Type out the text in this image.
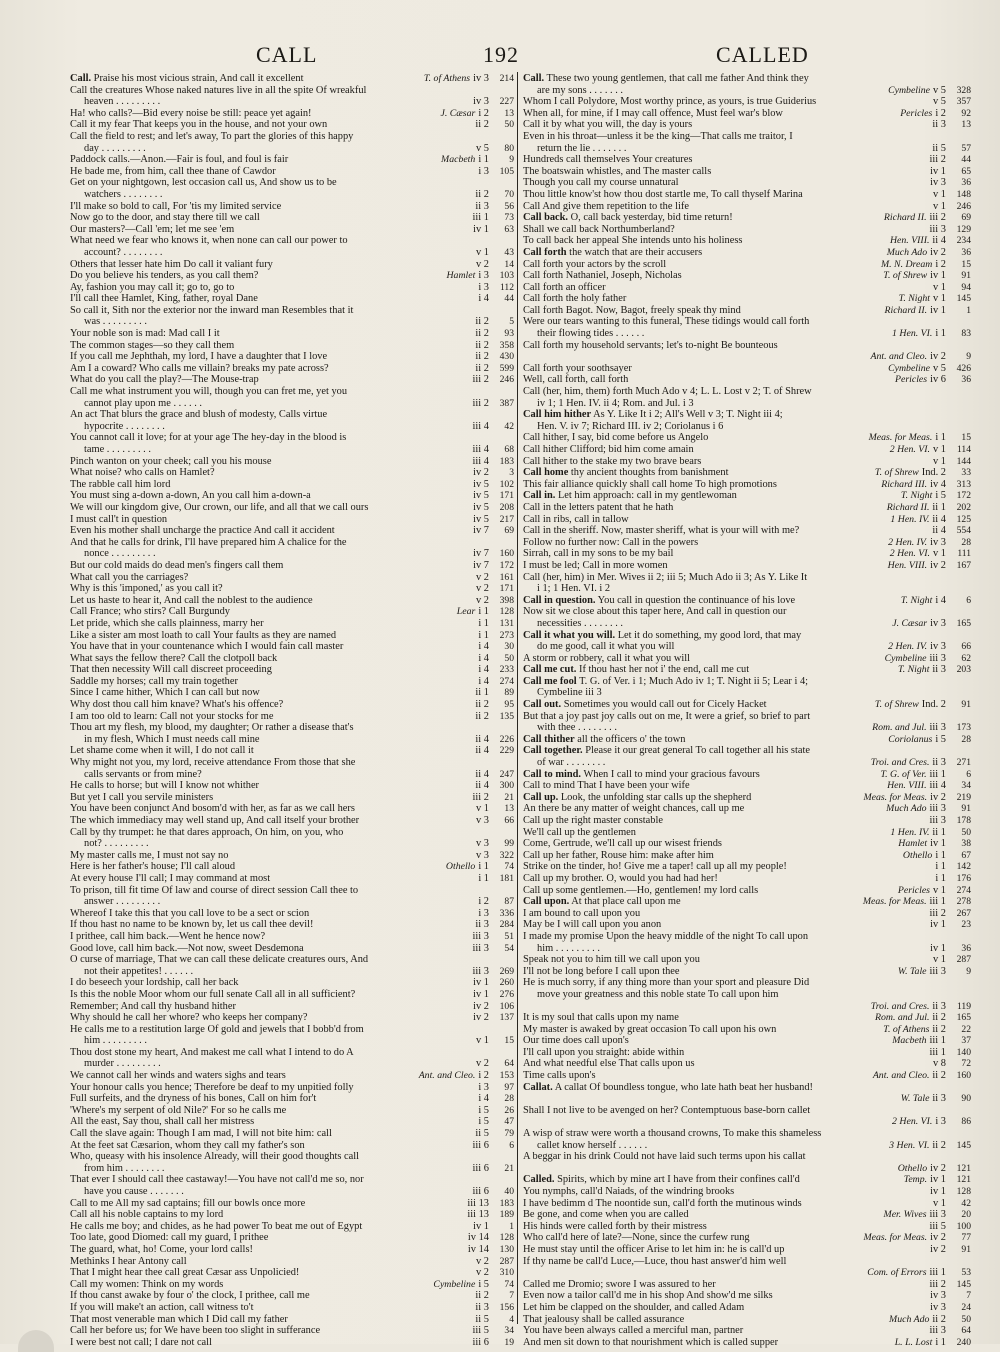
CALL	192	CALLED
Call. Praise his most vicious strain, And call it excellent	T. of Athens iv 3	214
Call the creatures Whose naked natures live in all the spite Of wreakful
heaven . . . . . . . . .	iv 3	227
Ha! who calls?—Bid every noise be still: peace yet again!	J. Cæsar i 2	13
Call it my fear That keeps you in the house, and not your own	ii 2	50
Call the field to rest; and let's away, To part the glories of this happy
day . . . . . . . . .	v 5	80
Paddock calls.—Anon.—Fair is foul, and foul is fair	Macbeth i 1	9
He bade me, from him, call thee thane of Cawdor	i 3	105
Get on your nightgown, lest occasion call us, And show us to be
watchers . . . . . . . .	ii 2	70
I'll make so bold to call, For 'tis my limited service	ii 3	56
Now go to the door, and stay there till we call	iii 1	73
Our masters?—Call 'em; let me see 'em	iv 1	63
What need we fear who knows it, when none can call our power to
account? . . . . . . . .	v 1	43
Others that lesser hate him Do call it valiant fury	v 2	14
Do you believe his tenders, as you call them?	Hamlet i 3	103
Ay, fashion you may call it; go to, go to	i 3	112
I'll call thee Hamlet, King, father, royal Dane	i 4	44
So call it, Sith nor the exterior nor the inward man Resembles that it
was . . . . . . . . .	ii 2	5
Your noble son is mad: Mad call I it	ii 2	93
The common stages—so they call them	ii 2	358
If you call me Jephthah, my lord, I have a daughter that I love	ii 2	430
Am I a coward? Who calls me villain? breaks my pate across?	ii 2	599
What do you call the play?—The Mouse-trap	iii 2	246
Call me what instrument you will, though you can fret me, yet you
cannot play upon me . . . . . .	iii 2	387
An act That blurs the grace and blush of modesty, Calls virtue
hypocrite . . . . . . . .	iii 4	42
You cannot call it love; for at your age The hey-day in the blood is
tame . . . . . . . . .	iii 4	68
Pinch wanton on your cheek; call you his mouse	iii 4	183
What noise? who calls on Hamlet?	iv 2	3
The rabble call him lord	iv 5	102
You must sing a-down a-down, An you call him a-down-a	iv 5	171
We will our kingdom give, Our crown, our life, and all that we call ours	iv 5	208
I must call't in question	iv 5	217
Even his mother shall uncharge the practice And call it accident	iv 7	69
And that he calls for drink, I'll have prepared him A chalice for the
nonce . . . . . . . . .	iv 7	160
But our cold maids do dead men's fingers call them	iv 7	172
What call you the carriages?	v 2	161
Why is this 'imponed,' as you call it?	v 2	171
Let us haste to hear it, And call the noblest to the audience	v 2	398
Call France; who stirs? Call Burgundy	Lear i 1	128
Let pride, which she calls plainness, marry her	i 1	131
Like a sister am most loath to call Your faults as they are named	i 1	273
You have that in your countenance which I would fain call master	i 4	30
What says the fellow there? Call the clotpoll back	i 4	50
That then necessity Will call discreet proceeding	i 4	233
Saddle my horses; call my train together	i 4	274
Since I came hither, Which I can call but now	ii 1	89
Why dost thou call him knave? What's his offence?	ii 2	95
I am too old to learn: Call not your stocks for me	ii 2	135
Thou art my flesh, my blood, my daughter; Or rather a disease that's
in my flesh, Which I must needs call mine	ii 4	226
Let shame come when it will, I do not call it	ii 4	229
Why might not you, my lord, receive attendance From those that she
calls servants or from mine?	ii 4	247
He calls to horse; but will I know not whither	ii 4	300
But yet I call you servile ministers	iii 2	21
You have been conjunct And bosom'd with her, as far as we call hers	v 1	13
The which immediacy may well stand up, And call itself your brother	v 3	66
Call by thy trumpet: he that dares approach, On him, on you, who
not? . . . . . . . . .	v 3	99
My master calls me, I must not say no	v 3	322
Here is her father's house; I'll call aloud	Othello i 1	74
At every house I'll call; I may command at most	i 1	181
To prison, till fit time Of law and course of direct session Call thee to
answer . . . . . . . . .	i 2	87
Whereof I take this that you call love to be a sect or scion	i 3	336
If thou hast no name to be known by, let us call thee devil!	ii 3	284
I prithee, call him back.—Went he hence now?	iii 3	51
Good love, call him back.—Not now, sweet Desdemona	iii 3	54
O curse of marriage, That we can call these delicate creatures ours, And
not their appetites! . . . . . .	iii 3	269
I do beseech your lordship, call her back	iv 1	260
Is this the noble Moor whom our full senate Call all in all sufficient?	iv 1	276
Remember; And call thy husband hither	iv 2	106
Why should he call her whore? who keeps her company?	iv 2	137
He calls me to a restitution large Of gold and jewels that I bobb'd from
him . . . . . . . . .	v 1	15
Thou dost stone my heart, And makest me call what I intend to do A
murder . . . . . . . . .	v 2	64
We cannot call her winds and waters sighs and tears	Ant. and Cleo. i 2	153
Your honour calls you hence; Therefore be deaf to my unpitied folly	i 3	97
Full surfeits, and the dryness of his bones, Call on him for't	i 4	28
'Where's my serpent of old Nile?' For so he calls me	i 5	26
All the east, Say thou, shall call her mistress	i 5	47
Call the slave again: Though I am mad, I will not bite him: call	ii 5	79
At the feet sat Cæsarion, whom they call my father's son	iii 6	6
Who, queasy with his insolence Already, will their good thoughts call
from him . . . . . . . .	iii 6	21
That ever I should call thee castaway!—You have not call'd me so, nor
have you cause . . . . . . .	iii 6	40
Call to me All my sad captains; fill our bowls once more	iii 13	183
Call all his noble captains to my lord	iii 13	189
He calls me boy; and chides, as he had power To beat me out of Egypt	iv 1	1
Too late, good Diomed: call my guard, I prithee	iv 14	128
The guard, what, ho! Come, your lord calls!	iv 14	130
Methinks I hear Antony call	v 2	287
That I might hear thee call great Cæsar ass Unpolicied!	v 2	310
Call my women: Think on my words	Cymbeline i 5	74
If thou canst awake by four o' the clock, I prithee, call me	ii 2	7
If you will make't an action, call witness to't	ii 3	156
That most venerable man which I Did call my father	ii 5	4
Call her before us; for We have been too slight in sufferance	iii 5	34
I were best not call; I dare not call	iii 6	19
Call. These two young gentlemen, that call me father And think they
are my sons . . . . . . .	Cymbeline v 5	328
Whom I call Polydore, Most worthy prince, as yours, is true Guiderius	v 5	357
When all, for mine, if I may call offence, Must feel war's blow	Pericles i 2	92
Call it by what you will, the day is yours	ii 3	13
Even in his throat—unless it be the king—That calls me traitor, I
return the lie . . . . . . .	ii 5	57
Hundreds call themselves Your creatures	iii 2	44
The boatswain whistles, and The master calls	iv 1	65
Though you call my course unnatural	iv 3	36
Thou little know'st how thou dost startle me, To call thyself Marina	v 1	148
Call And give them repetition to the life	v 1	246
Call back. O, call back yesterday, bid time return!	Richard II. iii 2	69
Shall we call back Northumberland?	iii 3	129
To call back her appeal She intends unto his holiness	Hen. VIII. ii 4	234
Call forth the watch that are their accusers	Much Ado iv 2	36
Call forth your actors by the scroll	M. N. Dream i 2	15
Call forth Nathaniel, Joseph, Nicholas	T. of Shrew iv 1	91
Call forth an officer	v 1	94
Call forth the holy father	T. Night v 1	145
Call forth Bagot. Now, Bagot, freely speak thy mind	Richard II. iv 1	1
Were our tears wanting to this funeral, These tidings would call forth
their flowing tides . . . . . .	1 Hen. VI. i 1	83
Call forth my household servants; let's to-night Be bounteous
Ant. and Cleo. iv 2	9
Call forth your soothsayer	Cymbeline v 5	426
Well, call forth, call forth	Pericles iv 6	36
Call (her, him, them) forth Much Ado v 4; L. L. Lost v 2; T. of Shrew
iv 1; 1 Hen. IV. ii 4; Rom. and Jul. i 3
Call him hither As Y. Like It i 2; All's Well v 3; T. Night iii 4;
Hen. V. iv 7; Richard III. iv 2; Coriolanus i 6
Call hither, I say, bid come before us Angelo	Meas. for Meas. i 1	15
Call hither Clifford; bid him come amain	2 Hen. VI. v 1	114
Call hither to the stake my two brave bears	v 1	144
Call home thy ancient thoughts from banishment	T. of Shrew Ind. 2	33
This fair alliance quickly shall call home To high promotions	Richard III. iv 4	313
Call in. Let him approach: call in my gentlewoman	T. Night i 5	172
Call in the letters patent that he hath	Richard II. ii 1	202
Call in ribs, call in tallow	1 Hen. IV. ii 4	125
Call in the sheriff. Now, master sheriff, what is your will with me?	ii 4	554
Follow no further now: Call in the powers	2 Hen. IV. iv 3	28
Sirrah, call in my sons to be my bail	2 Hen. VI. v 1	111
I must be led; Call in more women	Hen. VIII. iv 2	167
Call (her, him) in Mer. Wives ii 2; iii 5; Much Ado ii 3; As Y. Like It
i 1; 1 Hen. VI. i 2
Call in question. You call in question the continuance of his love	T. Night i 4	6
Now sit we close about this taper here, And call in question our
necessities . . . . . . . .	J. Cæsar iv 3	165
Call it what you will. Let it do something, my good lord, that may
do me good, call it what you will	2 Hen. IV. iv 3	66
A storm or robbery, call it what you will	Cymbeline iii 3	62
Call me cut. If thou hast her not i' the end, call me cut	T. Night ii 3	203
Call me fool T. G. of Ver. i 1; Much Ado iv 1; T. Night ii 5; Lear i 4;
Cymbeline iii 3
Call out. Sometimes you would call out for Cicely Hacket	T. of Shrew Ind. 2	91
But that a joy past joy calls out on me, It were a grief, so brief to part
with thee . . . . . . . .	Rom. and Jul. iii 3	173
Call thither all the officers o' the town	Coriolanus i 5	28
Call together. Please it our great general To call together all his state
of war . . . . . . . .	Troi. and Cres. ii 3	271
Call to mind. When I call to mind your gracious favours	T. G. of Ver. iii 1	6
Call to mind That I have been your wife	Hen. VIII. iii 4	34
Call up. Look, the unfolding star calls up the shepherd	Meas. for Meas. iv 2	219
An there be any matter of weight chances, call up me	Much Ado iii 3	91
Call up the right master constable	iii 3	178
We'll call up the gentlemen	1 Hen. IV. ii 1	50
Come, Gertrude, we'll call up our wisest friends	Hamlet iv 1	38
Call up her father, Rouse him: make after him	Othello i 1	67
Strike on the tinder, ho! Give me a taper! call up all my people!	i 1	142
Call up my brother. O, would you had had her!	i 1	176
Call up some gentlemen.—Ho, gentlemen! my lord calls	Pericles v 1	274
Call upon. At that place call upon me	Meas. for Meas. iii 1	278
I am bound to call upon you	iii 2	267
May be I will call upon you anon	iv 1	23
I made my promise Upon the heavy middle of the night To call upon
him . . . . . . . . .	iv 1	36
Speak not you to him till we call upon you	v 1	287
I'll not be long before I call upon thee	W. Tale iii 3	9
He is much sorry, if any thing more than your sport and pleasure Did
move your greatness and this noble state To call upon him
Troi. and Cres. ii 3	119
It is my soul that calls upon my name	Rom. and Jul. ii 2	165
My master is awaked by great occasion To call upon his own	T. of Athens ii 2	22
Our time does call upon's	Macbeth iii 1	37
I'll call upon you straight: abide within	iii 1	140
And what needful else That calls upon us	v 8	72
Time calls upon's	Ant. and Cleo. ii 2	160
Callat. A callat Of boundless tongue, who late hath beat her husband!
W. Tale ii 3	90
Shall I not live to be avenged on her? Contemptuous base-born callet
2 Hen. VI. i 3	86
A wisp of straw were worth a thousand crowns, To make this shameless
callet know herself . . . . . .	3 Hen. VI. ii 2	145
A beggar in his drink Could not have laid such terms upon his callat
Othello iv 2	121
Called. Spirits, which by mine art I have from their confines call'd	Temp. iv 1	121
You nymphs, call'd Naiads, of the windring brooks	iv 1	128
I have bedimm d The noontide sun, call'd forth the mutinous winds	v 1	42
Be gone, and come when you are called	Mer. Wives iii 3	20
His hinds were called forth by their mistress	iii 5	100
Who call'd here of late?—None, since the curfew rung	Meas. for Meas. iv 2	77
He must stay until the officer Arise to let him in: he is call'd up	iv 2	91
If thy name be call'd Luce,—Luce, thou hast answer'd him well
Com. of Errors iii 1	53
Called me Dromio; swore I was assured to her	iii 2	145
Even now a tailor call'd me in his shop And show'd me silks	iv 3	7
Let him be clapped on the shoulder, and called Adam	iv 3	24
That jealousy shall be called assurance	Much Ado ii 2	50
You have been always called a merciful man, partner	iii 3	64
And men sit down to that nourishment which is called supper	L. L. Lost i 1	240
